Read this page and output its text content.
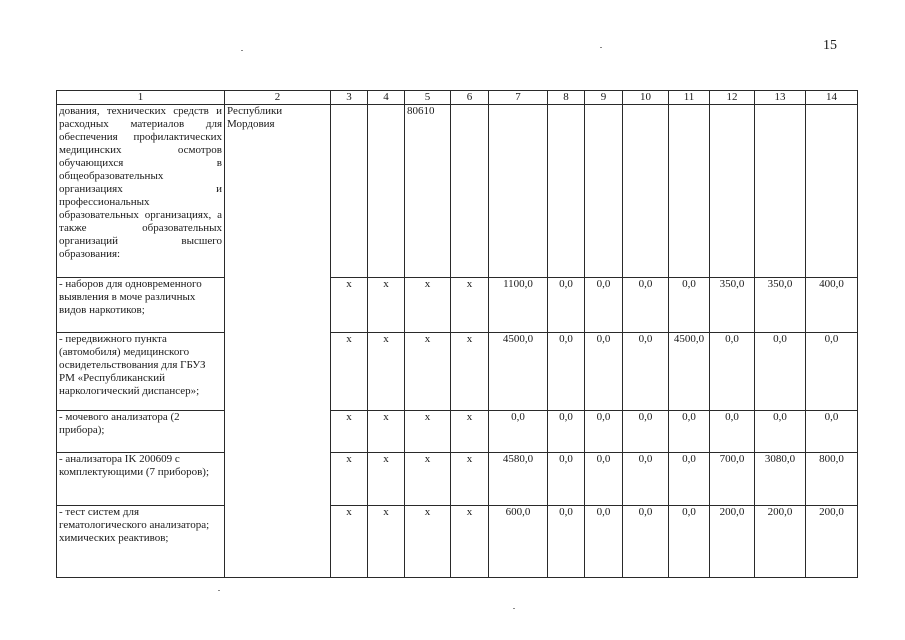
15
1	2	3	4	5	6	7	8	9	10	11	12	13	14
дования, технических средств и расходных материалов для обеспечения профилактических медицинских осмотров обучающихся в общеобразовательных организациях и профессиональных образовательных организациях, а также образовательных организаций высшего образования:	Республики Мордовия			80610									
- наборов для одновременного выявления в моче различных видов наркотиков;		х	х	х	х	1100,0	0,0	0,0	0,0	0,0	350,0	350,0	400,0
- передвижного пункта (автомобиля) медицинского освидетельствования для ГБУЗ РМ «Республиканский наркологический диспансер»;		х	х	х	х	4500,0	0,0	0,0	0,0	4500,0	0,0	0,0	0,0
- мочевого анализатора (2 прибора);		х	х	х	х	0,0	0,0	0,0	0,0	0,0	0,0	0,0	0,0
- анализатора IK 200609 с комплектующими (7 приборов);		х	х	х	х	4580,0	0,0	0,0	0,0	0,0	700,0	3080,0	800,0
- тест систем для гематологического анализатора; химических реактивов;		х	х	х	х	600,0	0,0	0,0	0,0	0,0	200,0	200,0	200,0
